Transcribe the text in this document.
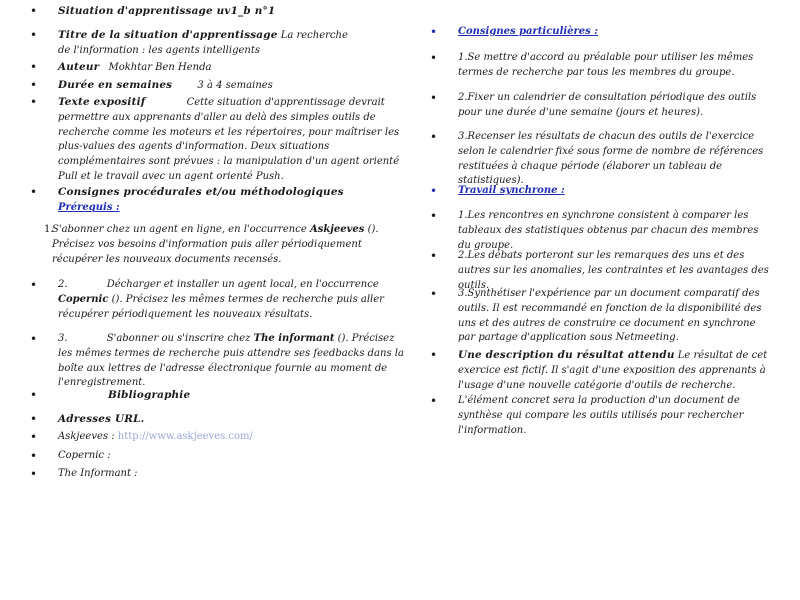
• Situation d'apprentissage uv1_b n°1
• Titre de la situation d'apprentissage La recherche de l'information : les agents intelligents
• Auteur Mokhtar Ben Henda
• Durée en semaines	3 à 4 semaines
• Texte expositif	Cette situation d'apprentissage devrait permettre aux apprenants d'aller au delà des simples outils de recherche comme les moteurs et les répertoires, pour maîtriser les plus-values des agents d'information. Deux situations complémentaires sont prévues : la manipulation d'un agent orienté Pull et le travail avec un agent orienté Push.
• Consignes procédurales et/ou méthodologiques
Prérequis :
1.
S'abonner chez un agent en ligne, en l'occurrence Askjeeves (). Précisez vos besoins d'information puis aller périodiquement récupérer les nouveaux documents recensés.
• 2.	Décharger et installer un agent local, en l'occurrence Copernic (). Précisez les mêmes termes de recherche puis aller récupérer périodiquement les nouveaux résultats.
• 3.	S'abonner ou s'inscrire chez The informant (). Précisez les mêmes termes de recherche puis attendre ses feedbacks dans la boîte aux lettres de l'adresse électronique fournie au moment de l'enregistrement.
•	Bibliographie
• Adresses URL.
• Askjeeves : http://www.askjeeves.com/
• Copernic :
• The Informant :
• Consignes particulières :
• 1.Se mettre d'accord au préalable pour utiliser les mêmes termes de recherche par tous les membres du groupe.
• 2.Fixer un calendrier de consultation périodique des outils pour une durée d'une semaine (jours et heures).
• 3.Recenser les résultats de chacun des outils de l'exercice selon le calendrier fixé sous forme de nombre de références restituées à chaque période (élaborer un tableau de statistiques).
• Travail synchrone :
• 1.Les rencontres en synchrone consistent à comparer les tableaux des statistiques obtenus par chacun des membres du groupe.
• 2.Les débats porteront sur les remarques des uns et des autres sur les anomalies, les contraintes et les avantages des outils.
• 3.Synthétiser l'expérience par un document comparatif des outils. Il est recommandé en fonction de la disponibilité des uns et des autres de construire ce document en synchrone par partage d'application sous Netmeeting.
• Une description du résultat attendu Le résultat de cet exercice est fictif. Il s'agit d'une exposition des apprenants à l'usage d'une nouvelle catégorie d'outils de recherche.
• L'élément concret sera la production d'un document de synthèse qui compare les outils utilisés pour rechercher l'information.
